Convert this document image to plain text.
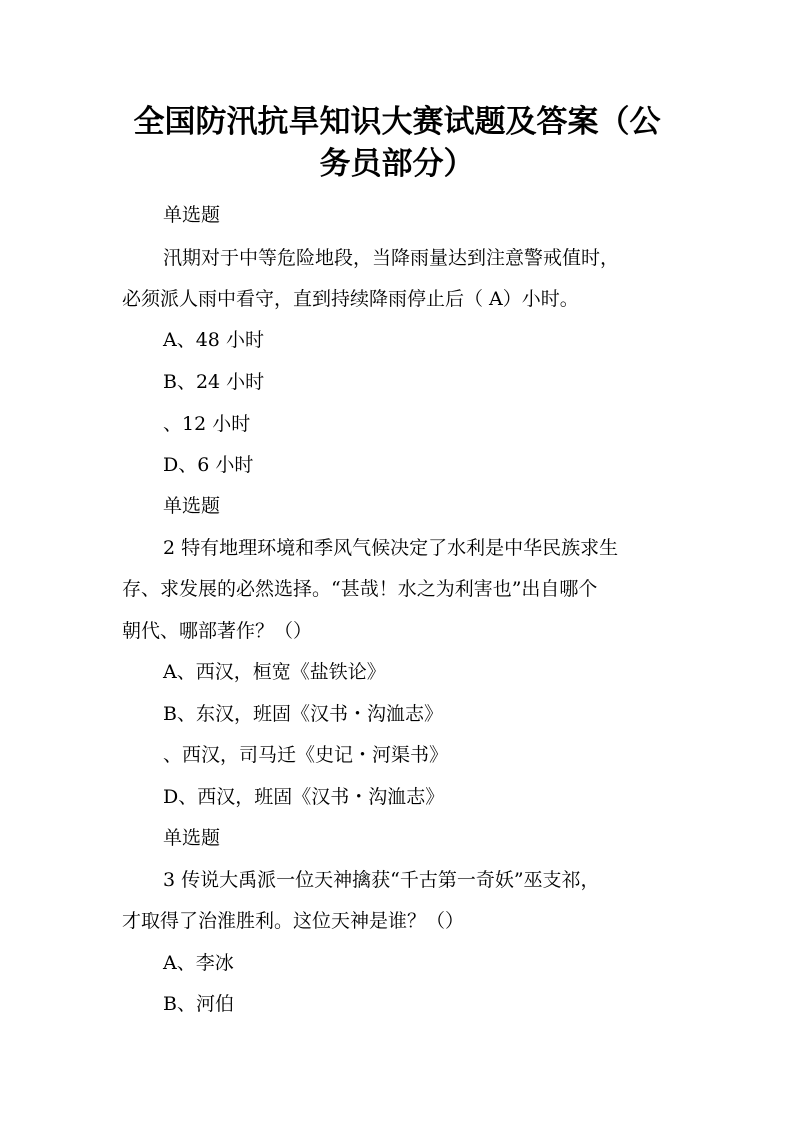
全国防汛抗旱知识大赛试题及答案（公
务员部分）

单选题

汛期对于中等危险地段，当降雨量达到注意警戒值时，

必须派人雨中看守，直到持续降雨停止后（ A）小时。

A、48 小时

B、24 小时

、12 小时

D、6 小时

单选题

2 特有地理环境和季风气候决定了水利是中华民族求生

存、求发展的必然选择。“甚哉！水之为利害也”出自哪个

朝代、哪部著作？（）

A、西汉，桓宽《盐铁论》

B、东汉，班固《汉书・沟洫志》

、西汉，司马迁《史记・河渠书》

D、西汉，班固《汉书・沟洫志》

单选题

3 传说大禹派一位天神擒获“千古第一奇妖”巫支祁，

才取得了治淮胜利。这位天神是谁？（）

A、李冰

B、河伯
